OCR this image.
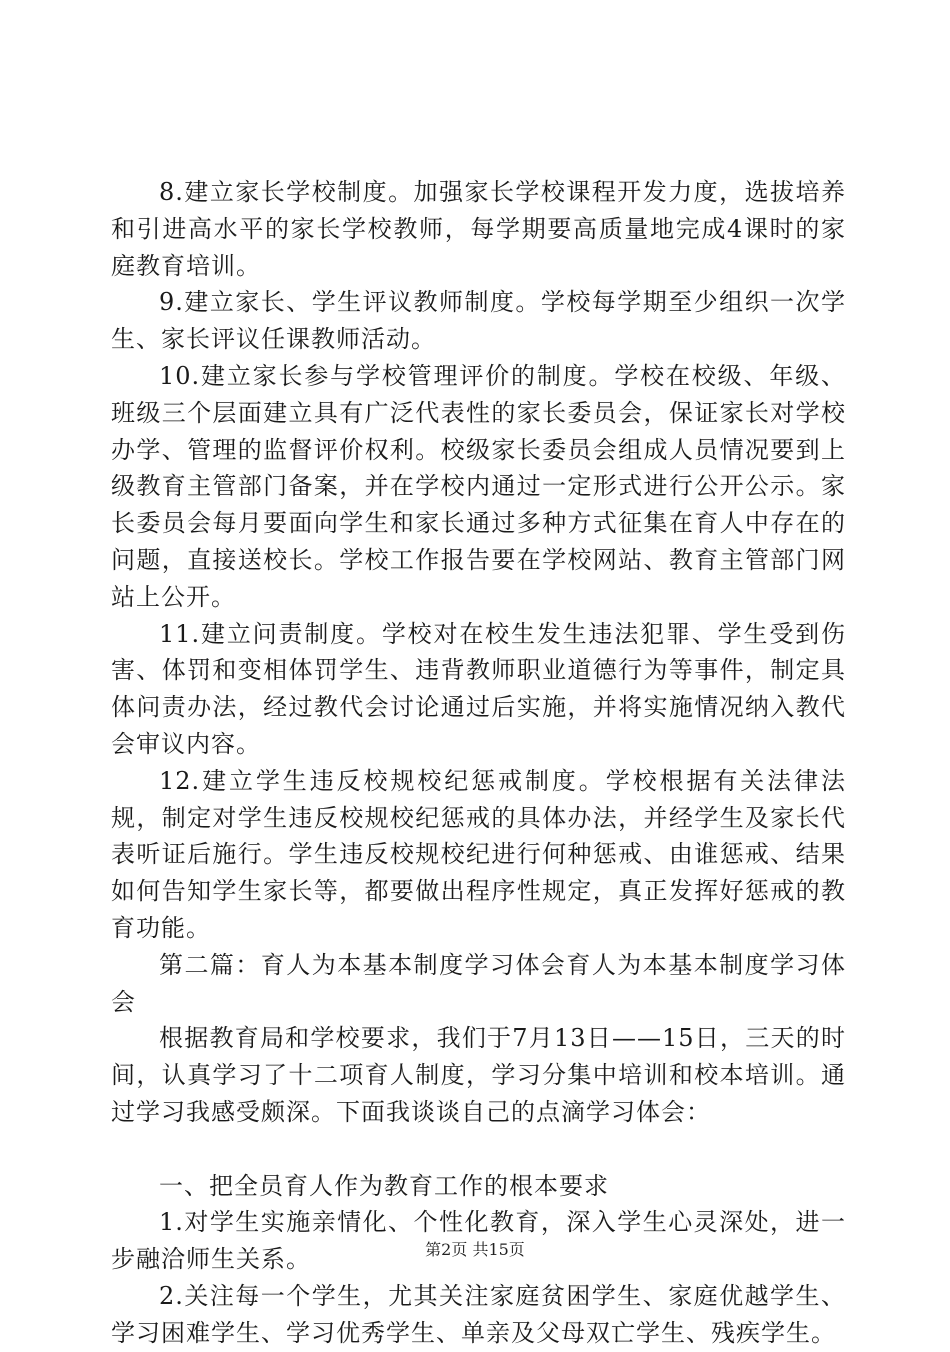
8.建立家长学校制度。加强家长学校课程开发力度，选拔培养和引进高水平的家长学校教师，每学期要高质量地完成4课时的家庭教育培训。

9.建立家长、学生评议教师制度。学校每学期至少组织一次学生、家长评议任课教师活动。

10.建立家长参与学校管理评价的制度。学校在校级、年级、班级三个层面建立具有广泛代表性的家长委员会，保证家长对学校办学、管理的监督评价权利。校级家长委员会组成人员情况要到上级教育主管部门备案，并在学校内通过一定形式进行公开公示。家长委员会每月要面向学生和家长通过多种方式征集在育人中存在的问题，直接送校长。学校工作报告要在学校网站、教育主管部门网站上公开。

11.建立问责制度。学校对在校生发生违法犯罪、学生受到伤害、体罚和变相体罚学生、违背教师职业道德行为等事件，制定具体问责办法，经过教代会讨论通过后实施，并将实施情况纳入教代会审议内容。

12.建立学生违反校规校纪惩戒制度。学校根据有关法律法规，制定对学生违反校规校纪惩戒的具体办法，并经学生及家长代表听证后施行。学生违反校规校纪进行何种惩戒、由谁惩戒、结果如何告知学生家长等，都要做出程序性规定，真正发挥好惩戒的教育功能。

第二篇：育人为本基本制度学习体会育人为本基本制度学习体会

根据教育局和学校要求，我们于7月13日——15日，三天的时间，认真学习了十二项育人制度，学习分集中培训和校本培训。通过学习我感受颇深。下面我谈谈自己的点滴学习体会：

一、把全员育人作为教育工作的根本要求

1.对学生实施亲情化、个性化教育，深入学生心灵深处，进一步融洽师生关系。

2.关注每一个学生，尤其关注家庭贫困学生、家庭优越学生、学习困难学生、学习优秀学生、单亲及父母双亡学生、残疾学生。

第2页 共15页
